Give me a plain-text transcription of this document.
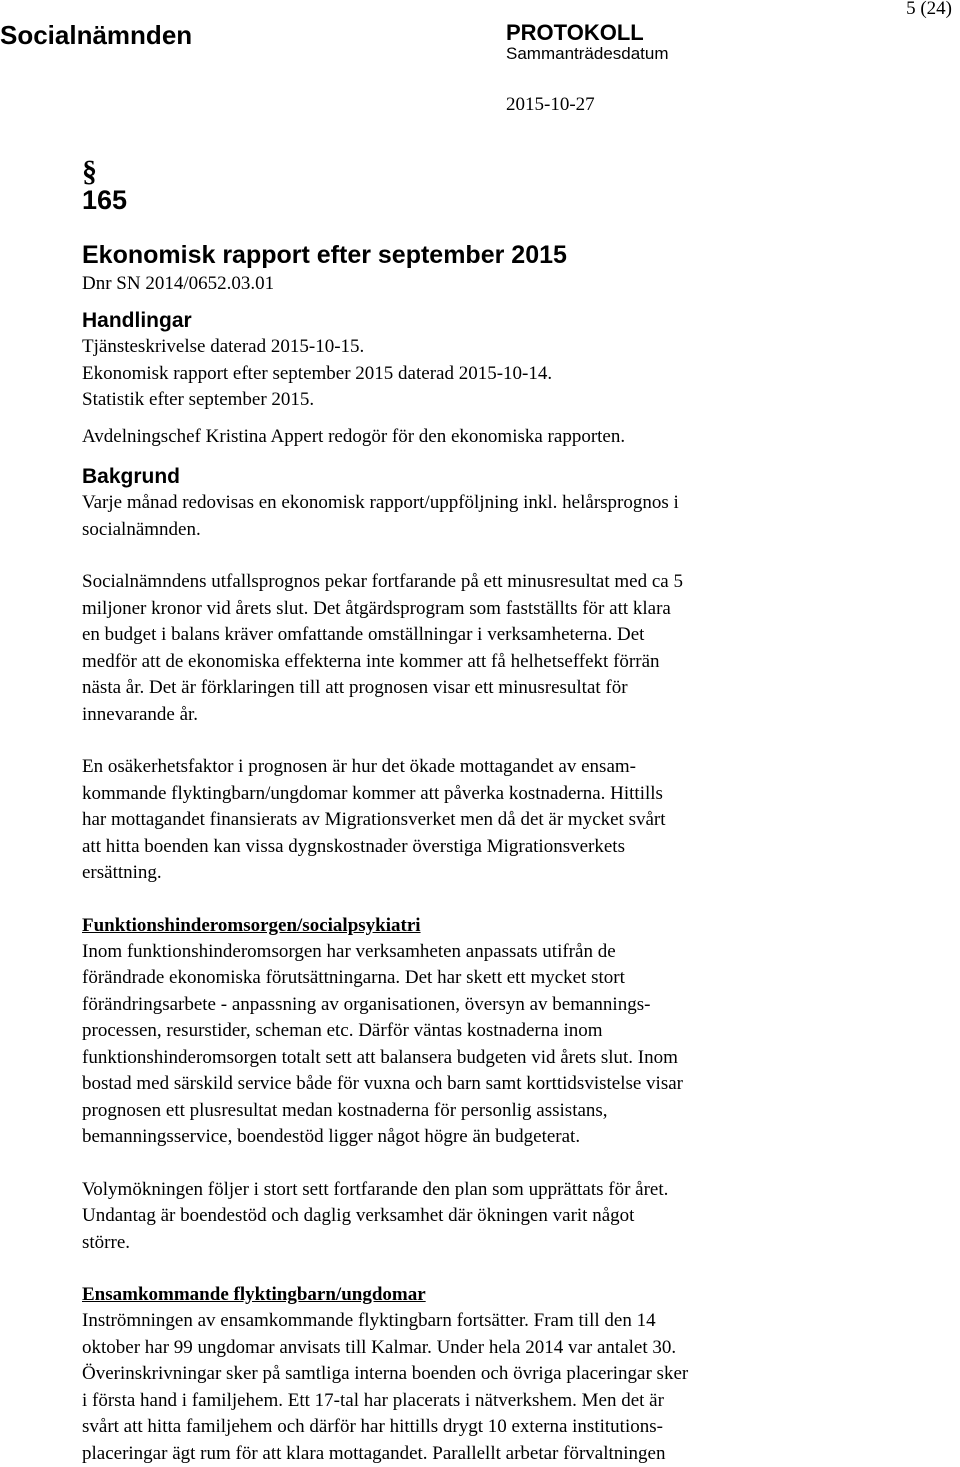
Socialnämnden	PROTOKOLL
Sammanträdesdatum
2015-10-27
5 (24)
§
165
Ekonomisk rapport efter september 2015
Dnr SN 2014/0652.03.01
Handlingar
Tjänsteskrivelse daterad 2015-10-15.
Ekonomisk rapport efter september 2015 daterad 2015-10-14.
Statistik efter september 2015.
Avdelningschef Kristina Appert redogör för den ekonomiska rapporten.
Bakgrund
Varje månad redovisas en ekonomisk rapport/uppföljning inkl. helårsprognos i
socialnämnden.
Socialnämndens utfallsprognos pekar fortfarande på ett minusresultat med ca 5
miljoner kronor vid årets slut. Det åtgärdsprogram som fastställts för att klara
en budget i balans kräver omfattande omställningar i verksamheterna. Det
medför att de ekonomiska effekterna inte kommer att få helhetseffekt förrän
nästa år. Det är förklaringen till att prognosen visar ett minusresultat för
innevarande år.
En osäkerhetsfaktor i prognosen är hur det ökade mottagandet av ensam-
kommande flyktingbarn/ungdomar kommer att påverka kostnaderna. Hittills
har mottagandet finansierats av Migrationsverket men då det är mycket svårt
att hitta boenden kan vissa dygnskostnader överstiga Migrationsverkets
ersättning.
Funktionshinderomsorgen/socialpsykiatri
Inom funktionshinderomsorgen har verksamheten anpassats utifrån de
förändrade ekonomiska förutsättningarna. Det har skett ett mycket stort
förändringsarbete - anpassning av organisationen, översyn av bemannings-
processen, resurstider, scheman etc. Därför väntas kostnaderna inom
funktionshinderomsorgen totalt sett att balansera budgeten vid årets slut. Inom
bostad med särskild service både för vuxna och barn samt korttidsvistelse visar
prognosen ett plusresultat medan kostnaderna för personlig assistans,
bemanningsservice, boendestöd ligger något högre än budgeterat.
Volymökningen följer i stort sett fortfarande den plan som upprättats för året.
Undantag är boendestöd och daglig verksamhet där ökningen varit något
större.
Ensamkommande flyktingbarn/ungdomar
Inströmningen av ensamkommande flyktingbarn fortsätter. Fram till den 14
oktober har 99 ungdomar anvisats till Kalmar. Under hela 2014 var antalet 30.
Överinskrivningar sker på samtliga interna boenden och övriga placeringar sker
i första hand i familjehem. Ett 17-tal har placerats i nätverkshem. Men det är
svårt att hitta familjehem och därför har hittills drygt 10 externa institutions-
placeringar ägt rum för att klara mottagandet. Parallellt arbetar förvaltningen
